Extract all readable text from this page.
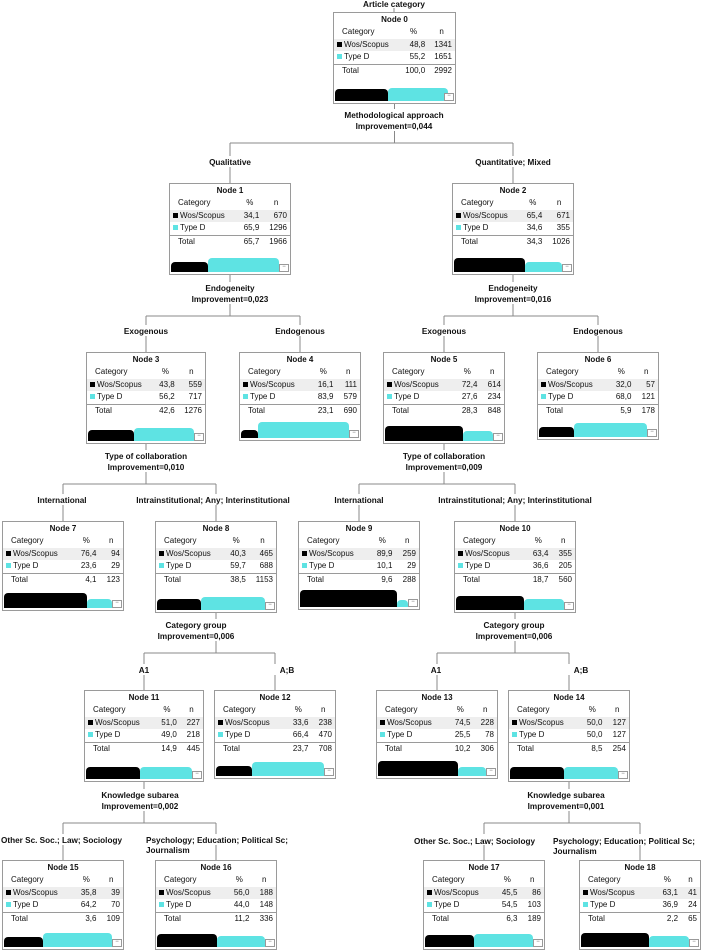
Article category
Methodological approach
Improvement=0,044
Endogeneity
Improvement=0,023
Endogeneity
Improvement=0,016
Type of collaboration
Improvement=0,010
Type of collaboration
Improvement=0,009
Category group
Improvement=0,006
Category group
Improvement=0,006
Knowledge subarea
Improvement=0,002
Knowledge subarea
Improvement=0,001
Qualitative	Quantitative; Mixed
Exogenous	Endogenous	Exogenous	Endogenous
International	Intrainstitutional; Any; Interinstitutional	International	Intrainstitutional; Any; Interinstitutional
A1	A;B	A1	A;B
Other Sc. Soc.; Law; Sociology	Psychology; Education; Political Sc;
Journalism
Other Sc. Soc.; Law; Sociology Psychology; Education; Political Sc;
Journalism
Node 0
Category	%	n
Wos/Scopus	48,8	1341
Type D	55,2	1651
Total	100,0	2992
−
Node 1
Category	%	n
Wos/Scopus	34,1	670
Type D	65,9	1296
Total	65,7	1966
−
Node 2
Category	%	n
Wos/Scopus	65,4	671
Type D	34,6	355
Total	34,3	1026
−
Node 3
Category	%	n
Wos/Scopus	43,8	559
Type D	56,2	717
Total	42,6	1276
−
Node 4
Category	%	n
Wos/Scopus	16,1	111
Type D	83,9	579
Total	23,1	690
−
Node 5
Category	%	n
Wos/Scopus	72,4	614
Type D	27,6	234
Total	28,3	848
−
Node 6
Category	%	n
Wos/Scopus	32,0	57
Type D	68,0	121
Total	5,9	178
−
Node 7
Category	%	n
Wos/Scopus	76,4	94
Type D	23,6	29
Total	4,1	123
−
Node 8
Category	%	n
Wos/Scopus	40,3	465
Type D	59,7	688
Total	38,5	1153
−
Node 9
Category	%	n
Wos/Scopus	89,9	259
Type D	10,1	29
Total	9,6	288
−
Node 10
Category	%	n
Wos/Scopus	63,4	355
Type D	36,6	205
Total	18,7	560
−
Node 11
Category	%	n
Wos/Scopus	51,0	227
Type D	49,0	218
Total	14,9	445
−
Node 12
Category	%	n
Wos/Scopus	33,6	238
Type D	66,4	470
Total	23,7	708
−
Node 13
Category	%	n
Wos/Scopus	74,5	228
Type D	25,5	78
Total	10,2	306
−
Node 14
Category	%	n
Wos/Scopus	50,0	127
Type D	50,0	127
Total	8,5	254
−
Node 15
Category	%	n
Wos/Scopus	35,8	39
Type D	64,2	70
Total	3,6	109
−
Node 16
Category	%	n
Wos/Scopus	56,0	188
Type D	44,0	148
Total	11,2	336
−
Node 17
Category	%	n
Wos/Scopus	45,5	86
Type D	54,5	103
Total	6,3	189
−
Node 18
Category	%	n
Wos/Scopus	63,1	41
Type D	36,9	24
Total	2,2	65
−
